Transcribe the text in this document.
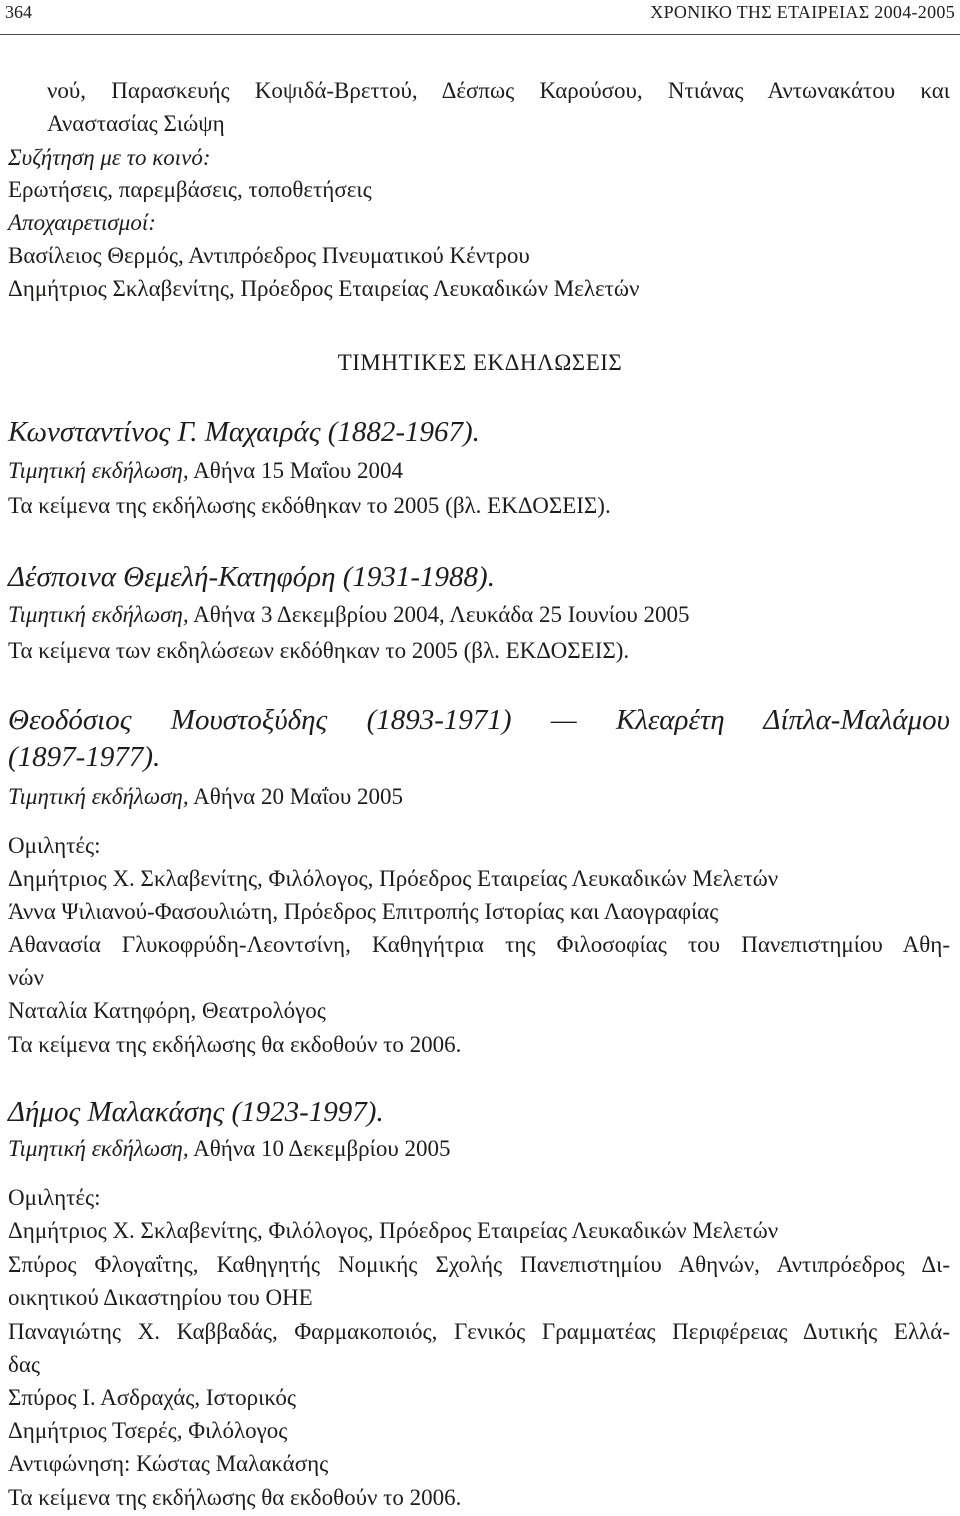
364	ΧΡΟΝΙΚΟ ΤΗΣ ΕΤΑΙΡΕΙΑΣ 2004-2005
νού, Παρασκευής Κοψιδά-Βρεττού, Δέσπως Καρούσου, Ντιάνας Αντωνακάτου και
Αναστασίας Σιώψη
Συζήτηση με το κοινό:
Ερωτήσεις, παρεμβάσεις, τοποθετήσεις
Αποχαιρετισμοί:
Βασίλειος Θερμός, Αντιπρόεδρος Πνευματικού Κέντρου
Δημήτριος Σκλαβενίτης, Πρόεδρος Εταιρείας Λευκαδικών Μελετών
ΤΙΜΗΤΙΚΕΣ ΕΚΔΗΛΩΣΕΙΣ
Κωνσταντίνος Γ. Μαχαιράς (1882-1967).
Τιμητική εκδήλωση, Αθήνα 15 Μαΐου 2004
Τα κείμενα της εκδήλωσης εκδόθηκαν το 2005 (βλ. ΕΚΔΟΣΕΙΣ).
Δέσποινα Θεμελή-Κατηφόρη (1931-1988).
Τιμητική εκδήλωση, Αθήνα 3 Δεκεμβρίου 2004, Λευκάδα 25 Ιουνίου 2005
Τα κείμενα των εκδηλώσεων εκδόθηκαν το 2005 (βλ. ΕΚΔΟΣΕΙΣ).
Θεοδόσιος Μουστοξύδης (1893-1971) — Κλεαρέτη Δίπλα-Μαλάμου
(1897-1977).
Τιμητική εκδήλωση, Αθήνα 20 Μαΐου 2005
Ομιλητές:
Δημήτριος Χ. Σκλαβενίτης, Φιλόλογος, Πρόεδρος Εταιρείας Λευκαδικών Μελετών
Άννα Ψιλιανού-Φασουλιώτη, Πρόεδρος Επιτροπής Ιστορίας και Λαογραφίας
Αθανασία Γλυκοφρύδη-Λεοντσίνη, Καθηγήτρια της Φιλοσοφίας του Πανεπιστημίου Αθη-
νών
Ναταλία Κατηφόρη, Θεατρολόγος
Τα κείμενα της εκδήλωσης θα εκδοθούν το 2006.
Δήμος Μαλακάσης (1923-1997).
Τιμητική εκδήλωση, Αθήνα 10 Δεκεμβρίου 2005
Ομιλητές:
Δημήτριος Χ. Σκλαβενίτης, Φιλόλογος, Πρόεδρος Εταιρείας Λευκαδικών Μελετών
Σπύρος Φλογαΐτης, Καθηγητής Νομικής Σχολής Πανεπιστημίου Αθηνών, Αντιπρόεδρος Δι-
οικητικού Δικαστηρίου του ΟΗΕ
Παναγιώτης Χ. Καββαδάς, Φαρμακοποιός, Γενικός Γραμματέας Περιφέρειας Δυτικής Ελλά-
δας
Σπύρος Ι. Ασδραχάς, Ιστορικός
Δημήτριος Τσερές, Φιλόλογος
Αντιφώνηση: Κώστας Μαλακάσης
Τα κείμενα της εκδήλωσης θα εκδοθούν το 2006.
